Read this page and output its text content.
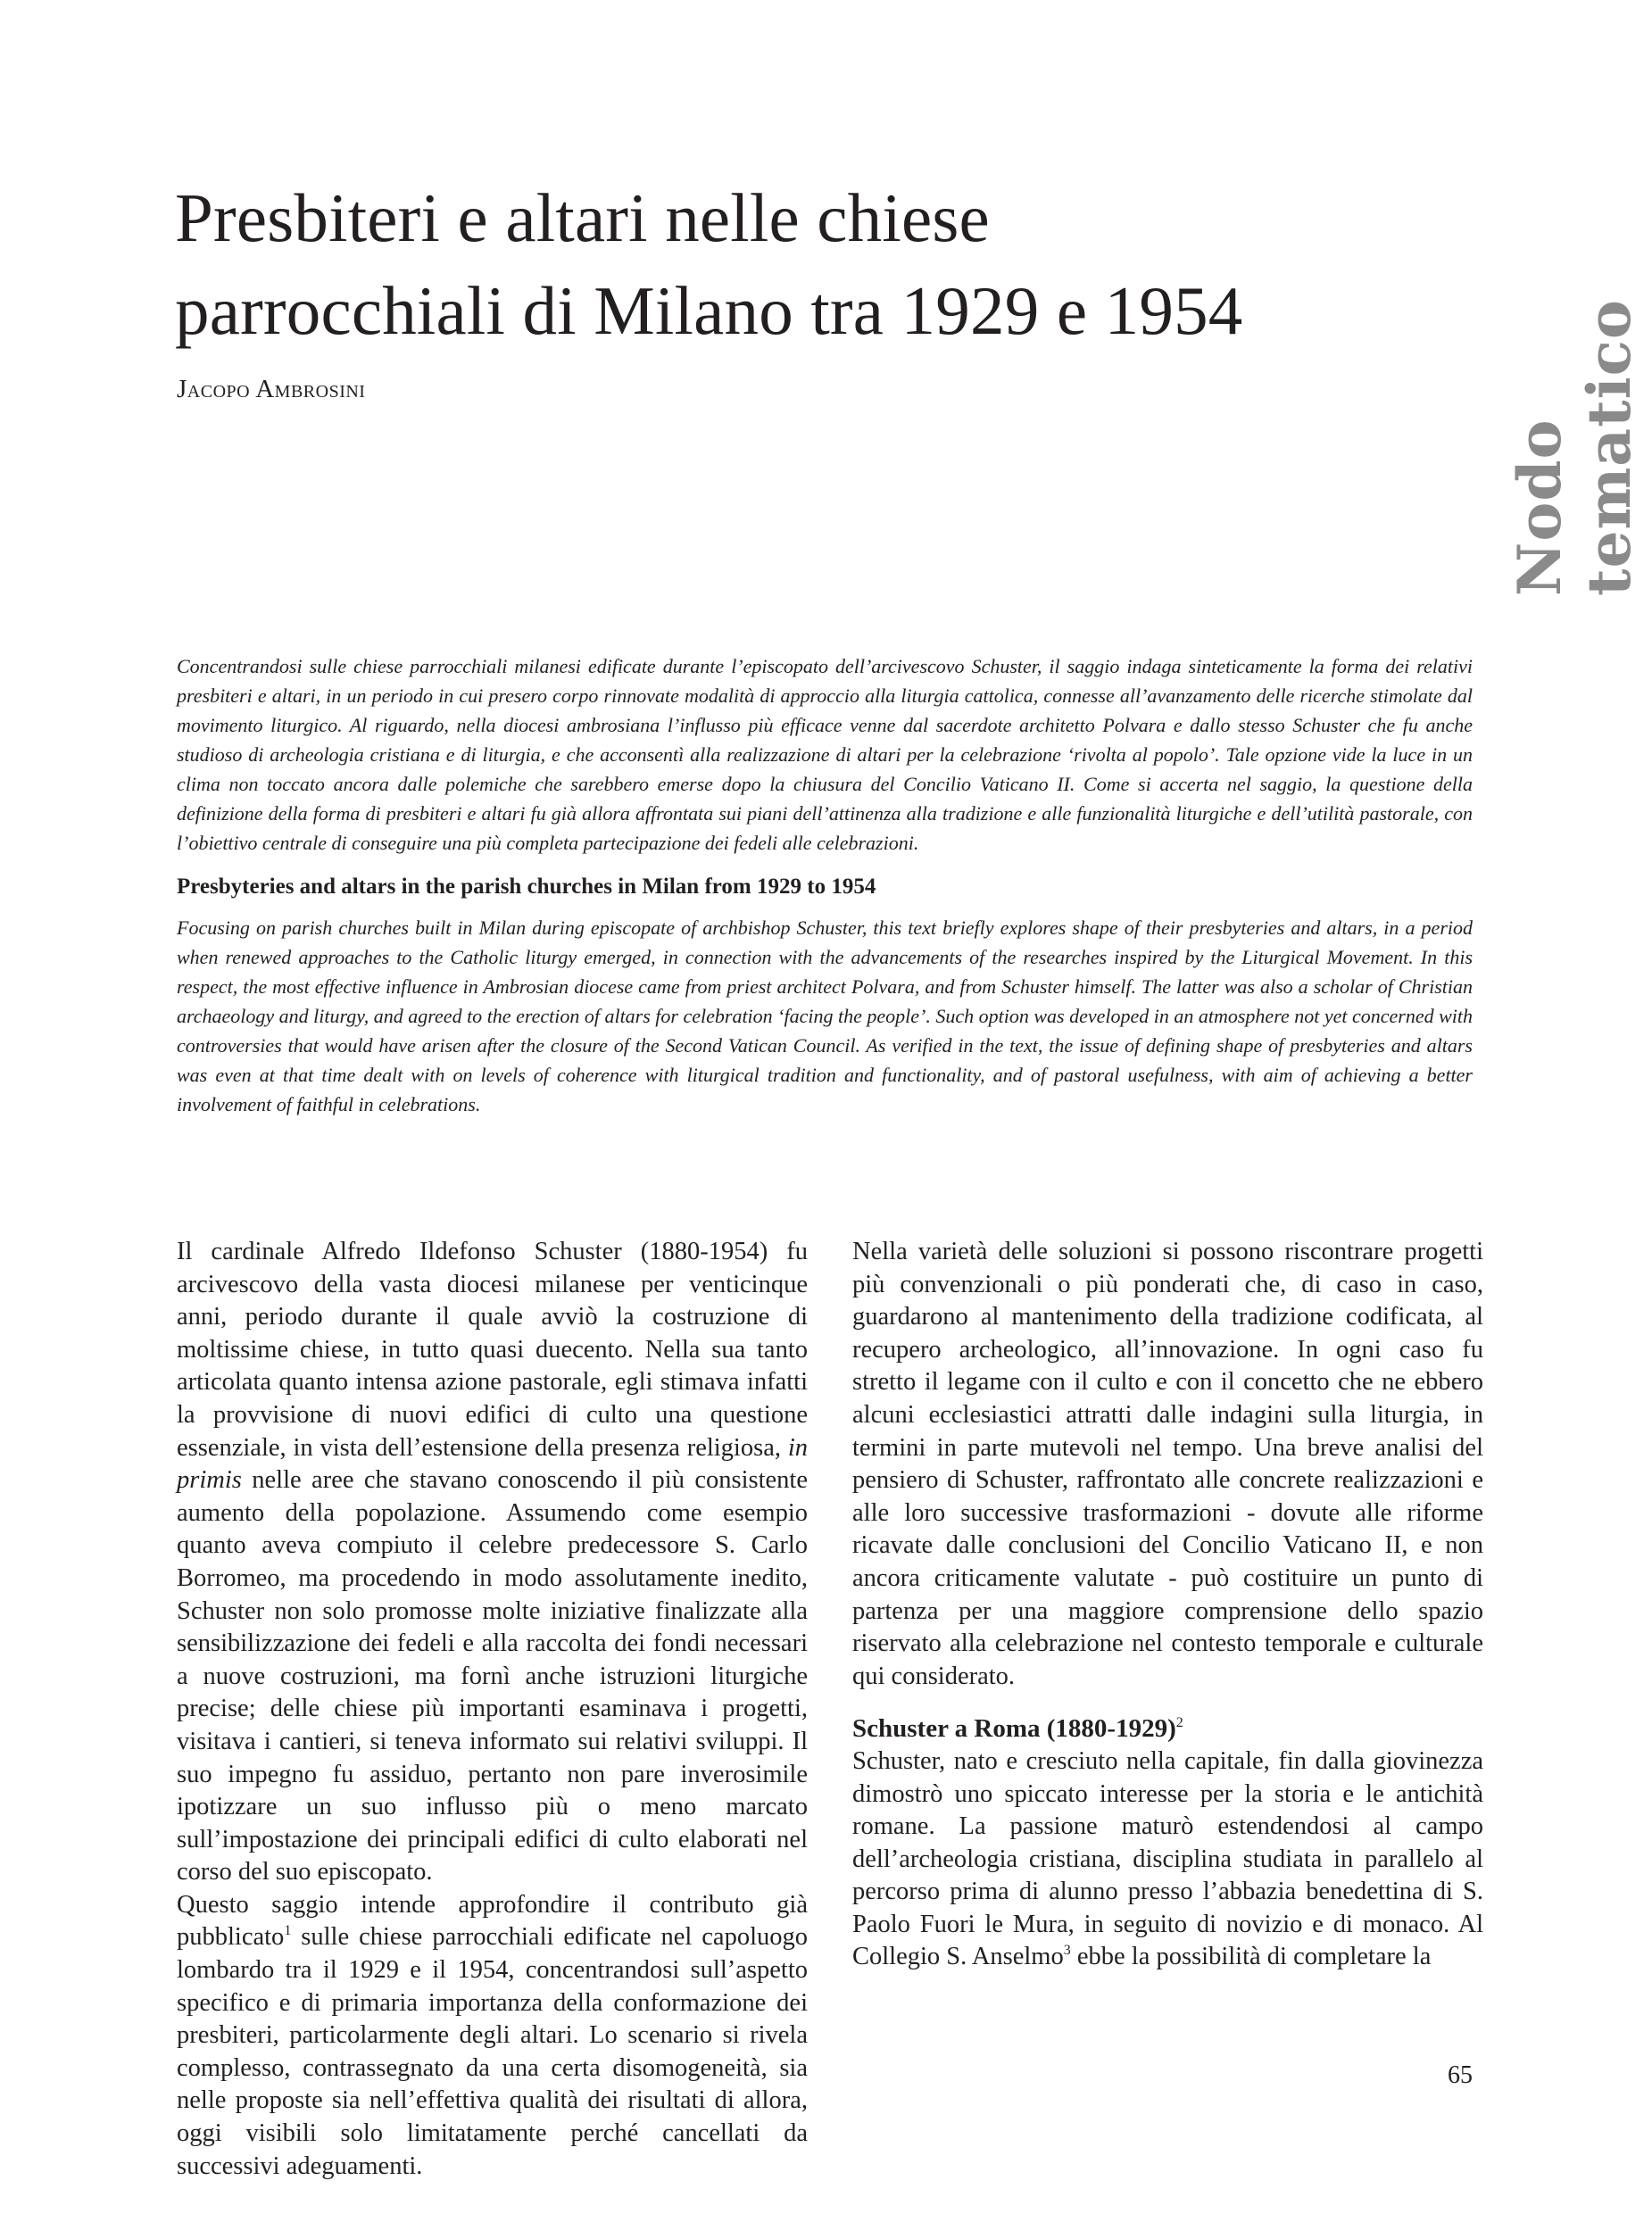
Presbiteri e altari nelle chiese
parrocchiali di Milano tra 1929 e 1954
Jacopo Ambrosini
Nodo tematico

Concentrandosi sulle chiese parrocchiali milanesi edificate durante l’episcopato dell’arcivescovo Schuster, il saggio indaga sinteticamente la forma dei relativi presbiteri e altari, in un periodo in cui presero corpo rinnovate modalità di approccio alla liturgia cattolica, connesse all’avanzamento delle ricerche stimolate dal movimento liturgico. Al riguardo, nella diocesi ambrosiana l’influsso più efficace venne dal sacerdote architetto Polvara e dallo stesso Schuster che fu anche studioso di archeologia cristiana e di liturgia, e che acconsentì alla realizzazione di altari per la celebrazione ‘rivolta al popolo’. Tale opzione vide la luce in un clima non toccato ancora dalle polemiche che sarebbero emerse dopo la chiusura del Concilio Vaticano II. Come si accerta nel saggio, la questione della definizione della forma di presbiteri e altari fu già allora affrontata sui piani dell’attinenza alla tradizione e alle funzionalità liturgiche e dell’utilità pastorale, con l’obiettivo centrale di conseguire una più completa partecipazione dei fedeli alle celebrazioni.

Presbyteries and altars in the parish churches in Milan from 1929 to 1954

Focusing on parish churches built in Milan during episcopate of archbishop Schuster, this text briefly explores shape of their presbyteries and altars, in a period when renewed approaches to the Catholic liturgy emerged, in connection with the advancements of the researches inspired by the Liturgical Movement. In this respect, the most effective influence in Ambrosian diocese came from priest architect Polvara, and from Schuster himself. The latter was also a scholar of Christian archaeology and liturgy, and agreed to the erection of altars for celebration ‘facing the people’. Such option was developed in an atmosphere not yet concerned with controversies that would have arisen after the closure of the Second Vatican Council. As verified in the text, the issue of defining shape of presbyteries and altars was even at that time dealt with on levels of coherence with liturgical tradition and functionality, and of pastoral usefulness, with aim of achieving a better involvement of faithful in celebrations.

Il cardinale Alfredo Ildefonso Schuster (1880-1954) fu arcivescovo della vasta diocesi milanese per venticinque anni, periodo durante il quale avviò la costruzione di moltissime chiese, in tutto quasi duecento. Nella sua tanto articolata quanto intensa azione pastorale, egli stimava infatti la provvisione di nuovi edifici di culto una questione essenziale, in vista dell’estensione della presenza religiosa, in primis nelle aree che stavano conoscendo il più consistente aumento della popolazione. Assumendo come esempio quanto aveva compiuto il celebre predecessore S. Carlo Borromeo, ma procedendo in modo assolutamente inedito, Schuster non solo promosse molte iniziative finalizzate alla sensibilizzazione dei fedeli e alla raccolta dei fondi necessari a nuove costruzioni, ma fornì anche istruzioni liturgiche precise; delle chiese più importanti esaminava i progetti, visitava i cantieri, si teneva informato sui relativi sviluppi. Il suo impegno fu assiduo, pertanto non pare inverosimile ipotizzare un suo influsso più o meno marcato sull’impostazione dei principali edifici di culto elaborati nel corso del suo episcopato.

Questo saggio intende approfondire il contributo già pubblicato$^1$ sulle chiese parrocchiali edificate nel capoluogo lombardo tra il 1929 e il 1954, concentrandosi sull’aspetto specifico e di primaria importanza della conformazione dei presbiteri, particolarmente degli altari. Lo scenario si rivela complesso, contrassegnato da una certa disomogeneità, sia nelle proposte sia nell’effettiva qualità dei risultati di allora, oggi visibili solo limitatamente perché cancellati da successivi adeguamenti.

Nella varietà delle soluzioni si possono riscontrare progetti più convenzionali o più ponderati che, di caso in caso, guardarono al mantenimento della tradizione codificata, al recupero archeologico, all’innovazione. In ogni caso fu stretto il legame con il culto e con il concetto che ne ebbero alcuni ecclesiastici attratti dalle indagini sulla liturgia, in termini in parte mutevoli nel tempo. Una breve analisi del pensiero di Schuster, raffrontato alle concrete realizzazioni e alle loro successive trasformazioni - dovute alle riforme ricavate dalle conclusioni del Concilio Vaticano II, e non ancora criticamente valutate - può costituire un punto di partenza per una maggiore comprensione dello spazio riservato alla celebrazione nel contesto temporale e culturale qui considerato.

Schuster a Roma (1880-1929)$^2$

Schuster, nato e cresciuto nella capitale, fin dalla giovinezza dimostrò uno spiccato interesse per la storia e le antichità romane. La passione maturò estendendosi al campo dell’archeologia cristiana, disciplina studiata in parallelo al percorso prima di alunno presso l’abbazia benedettina di S. Paolo Fuori le Mura, in seguito di novizio e di monaco. Al Collegio S. Anselmo$^3$ ebbe la possibilità di completare la

65
